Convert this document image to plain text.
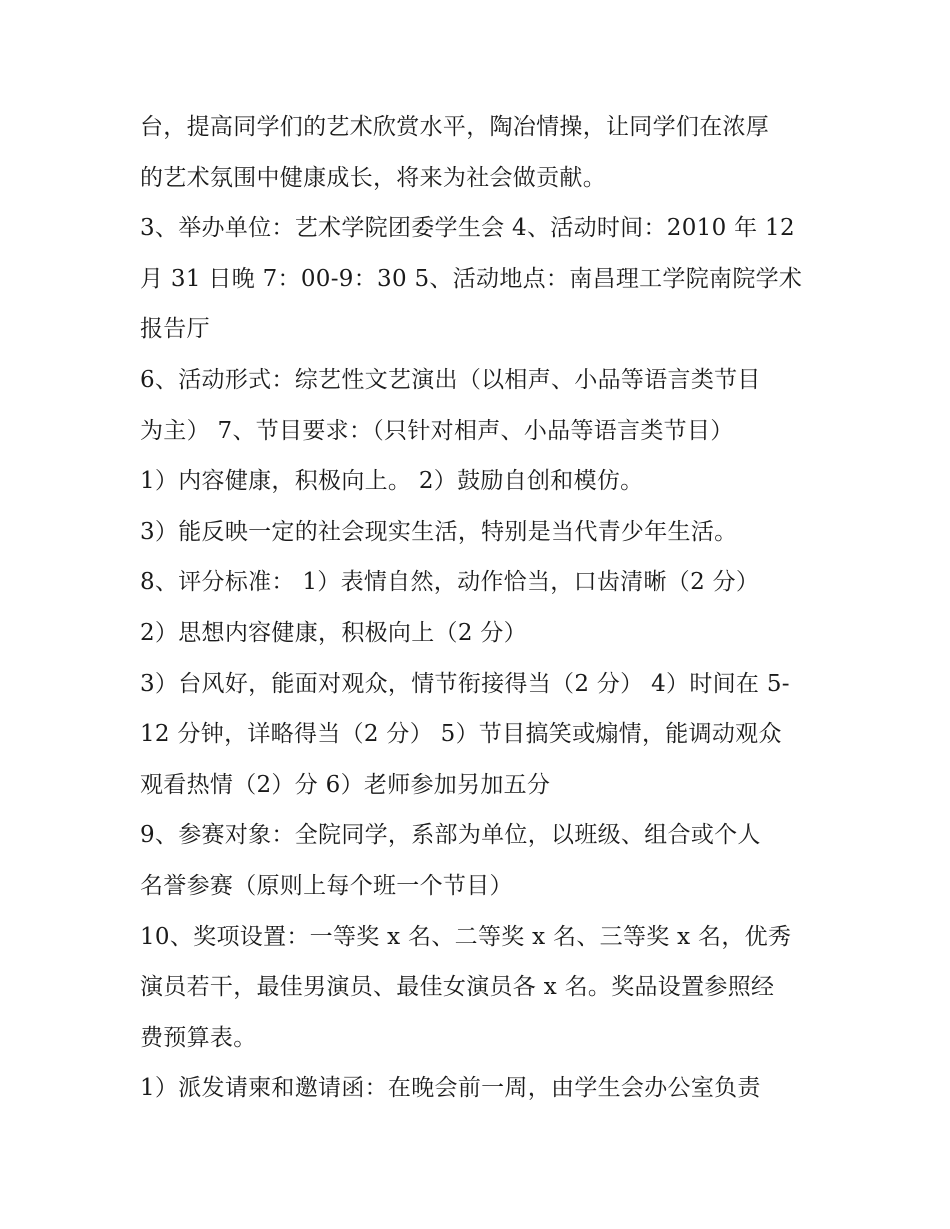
台，提高同学们的艺术欣赏水平，陶冶情操，让同学们在浓厚
的艺术氛围中健康成长，将来为社会做贡献。
3、举办单位：艺术学院团委学生会 4、活动时间：2010 年 12
月 31 日晚 7：00-9：30 5、活动地点：南昌理工学院南院学术
报告厅
6、活动形式：综艺性文艺演出（以相声、小品等语言类节目
为主） 7、节目要求：（只针对相声、小品等语言类节目）
1）内容健康，积极向上。 2）鼓励自创和模仿。
3）能反映一定的社会现实生活，特别是当代青少年生活。
8、评分标准： 1）表情自然，动作恰当，口齿清晰（2 分）
2）思想内容健康，积极向上（2 分）
3）台风好，能面对观众，情节衔接得当（2 分） 4）时间在 5-
12 分钟，详略得当（2 分） 5）节目搞笑或煽情，能调动观众
观看热情（2）分 6）老师参加另加五分
9、参赛对象：全院同学，系部为单位，以班级、组合或个人
名誉参赛（原则上每个班一个节目）
10、奖项设置：一等奖 x 名、二等奖 x 名、三等奖 x 名，优秀
演员若干，最佳男演员、最佳女演员各 x 名。奖品设置参照经
费预算表。
1）派发请柬和邀请函：在晚会前一周，由学生会办公室负责
